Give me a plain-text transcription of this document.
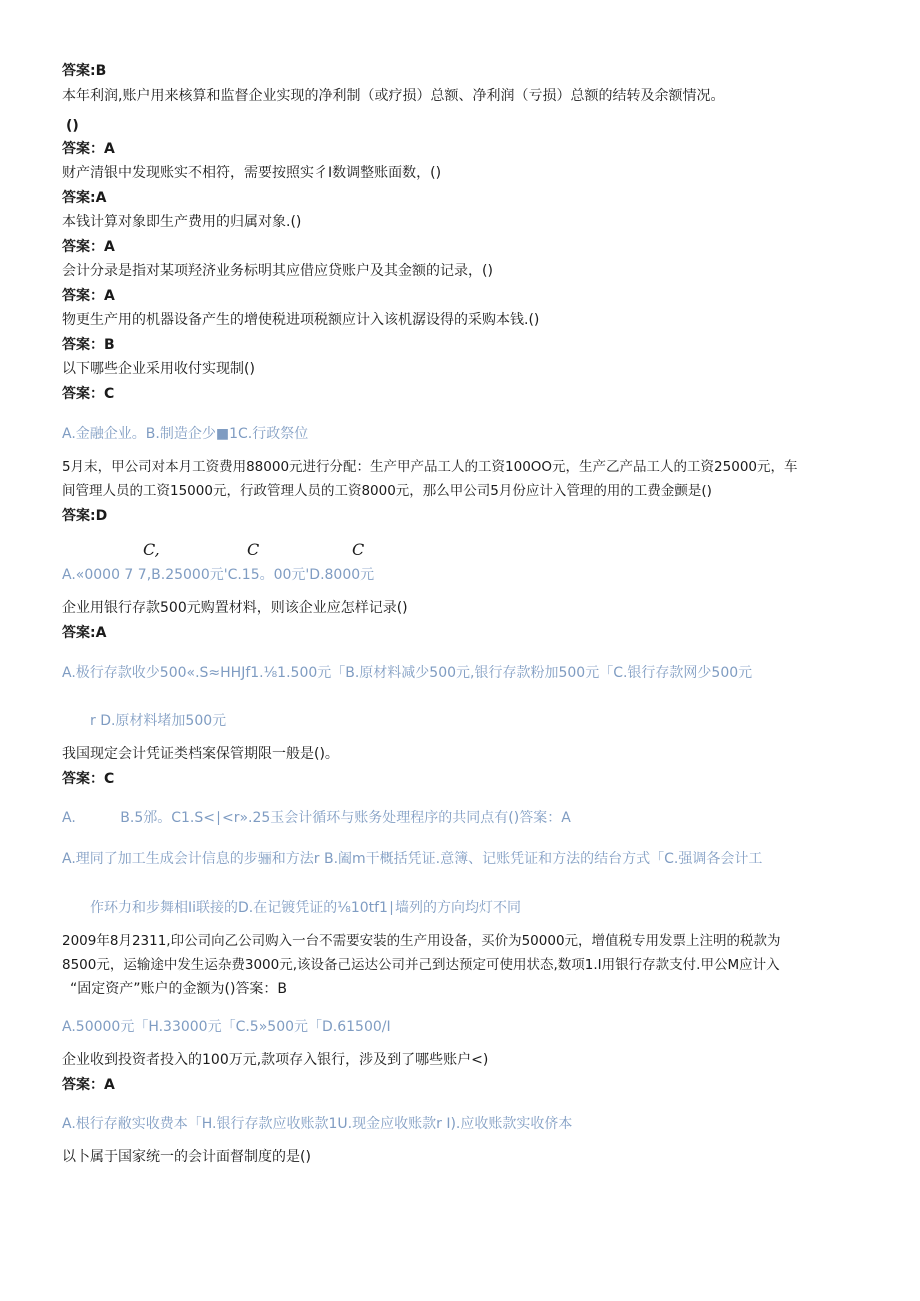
答案:B
本年利润,账户用来核算和监督企业实现的净利制（或疗损）总额、净利润（亏损）总额的结转及余额情况。
()
答案：A
财产清银中发现账实不相符，需要按照实彳I数调整账面数，()
答案:A
本钱计算对象即生产费用的归属对象.()
答案：A
会计分录是指对某项羟济业务标明其应借应贷账户及其金额的记录，()
答案：A
物更生产用的机器设备产生的增使税进项税额应计入该机潺设得的采购本钱.()
答案：B
以下哪些企业采用收付实现制()
答案：C
A.金融企业。B.制造企少■1C.行政祭位
5月末，甲公司对本月工资费用88000元进行分配：生产甲产品工人的工资100OO元，生产乙产品工人的工资25000元，车
间管理人员的工资15000元，行政管理人员的工资8000元，那么甲公司5月份应计入管理的用的工费金颤是()
答案:D
C,	C	C
A.«0000 7 7,B.25000元'C.15。00元'D.8000元
企业用银行存款500元购置材料，则该企业应怎样记录()
答案:A
A.极行存款收少500«.S≈HHJf1.⅛1.500元「B.原材料减少500元,银行存款粉加500元「C.银行存款网少500元
r D.原材料堵加500元
我国现定会计凭证类档案保管期限一般是()。
答案：C
A.          B.5邠。C1.S<∣<r».25玉会计循环与账务处理程序的共同点有()答案：A
A.理同了加工生成会计信息的步骊和方法r B.阖m干概括凭证.意簿、记账凭证和方法的结台方式「C.强调各会计工
作环力和步舞相Ii联接的D.在记镀凭证的⅛10tf1∣墙列的方向均灯不同
2009年8月2311,印公司向乙公司购入一台不需要安装的生产用设备，买价为50000元，增值税专用发票上注明的税款为
8500元，运输途中发生运杂费3000元,该设备己运达公司并己到达预定可使用状态,数项1.I用银行存款支付.甲公M应计入
“固定资产”账户的金额为()答案：B
A.50000元「H.33000元「C.5»500元「D.61500/I
企业收到投资者投入的100万元,款项存入银行，涉及到了哪些账户<)
答案：A
A.根行存敝实收费本「H.银行存款应收账款1U.现金应收账款r I).应收账款实收侪本
以卜属于国家统一的会计面督制度的是()
